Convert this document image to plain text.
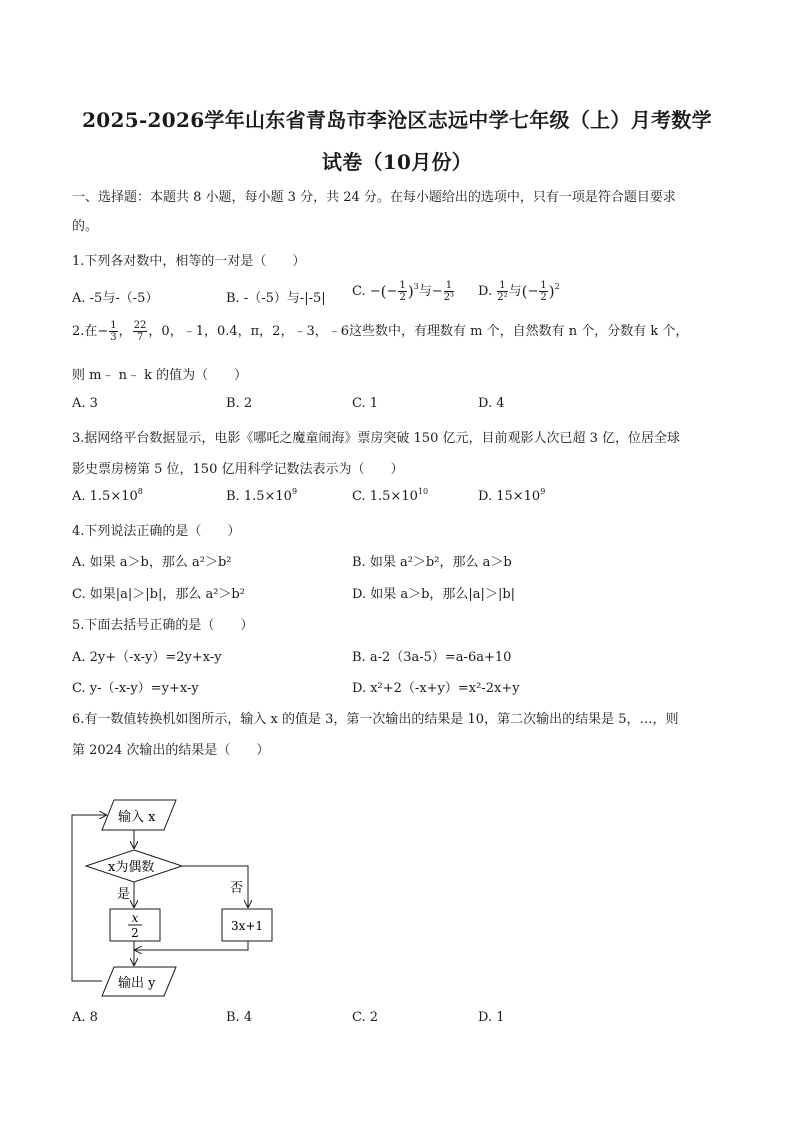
2025-2026学年山东省青岛市李沧区志远中学七年级（上）月考数学
试卷（10月份）
一、选择题：本题共 8 小题，每小题 3 分，共 24 分。在每小题给出的选项中，只有一项是符合题目要求
的。
1.下列各对数中，相等的一对是（　　）
A. -5与-（-5）	B. -（-5）与-|-5| C. −(− $\frac{1}{2} )^3$与− $\frac{1}{\text{2³}} D$. $\frac{1}{\text{2²}}$ 与(− $\frac{1}{2} )^2$
2.在− $\frac{1}{3}$ ， $\frac{22}{7}$ ，0，﹣1，0.4，π，2，﹣3，﹣6这些数中，有理数有 m 个，自然数有 n 个，分数有 k 个，
则 m﹣ n﹣ k 的值为（　　）
A. 3	B. 2	C. 1	D. 4
3.据网络平台数据显示，电影《哪吒之魔童闹海》票房突破 150 亿元，目前观影人次已超 3 亿，位居全球
影史票房榜第 5 位，150 亿用科学记数法表示为（　　）
A. $1.5\times 10^8$	B. $1.5\times 10^9$	C. $1.5\times 10^{10}$	D. $15\times 10^9$
4.下列说法正确的是（　　）
A. 如果 a＞b，那么 a²＞b²	B. 如果 a²＞b²，那么 a＞b
C. 如果|a|＞|b|，那么 a²＞b²	D. 如果 a＞b，那么|a|＞|b|
5.下面去括号正确的是（　　）
A. 2y+（-x-y）=2y+x-y	B. a-2（3a-5）=a-6a+10
C. y-（-x-y）=y+x-y	D. x²+2（-x+y）=x²-2x+y
6.有一数值转换机如图所示，输入 x 的值是 3，第一次输出的结果是 10，第二次输出的结果是 5，…，则
第 2024 次输出的结果是（　　）
输入 x
x为偶数
是	否
x
2	3x+1
输出 y
A. 8	B. 4	C. 2	D. 1
